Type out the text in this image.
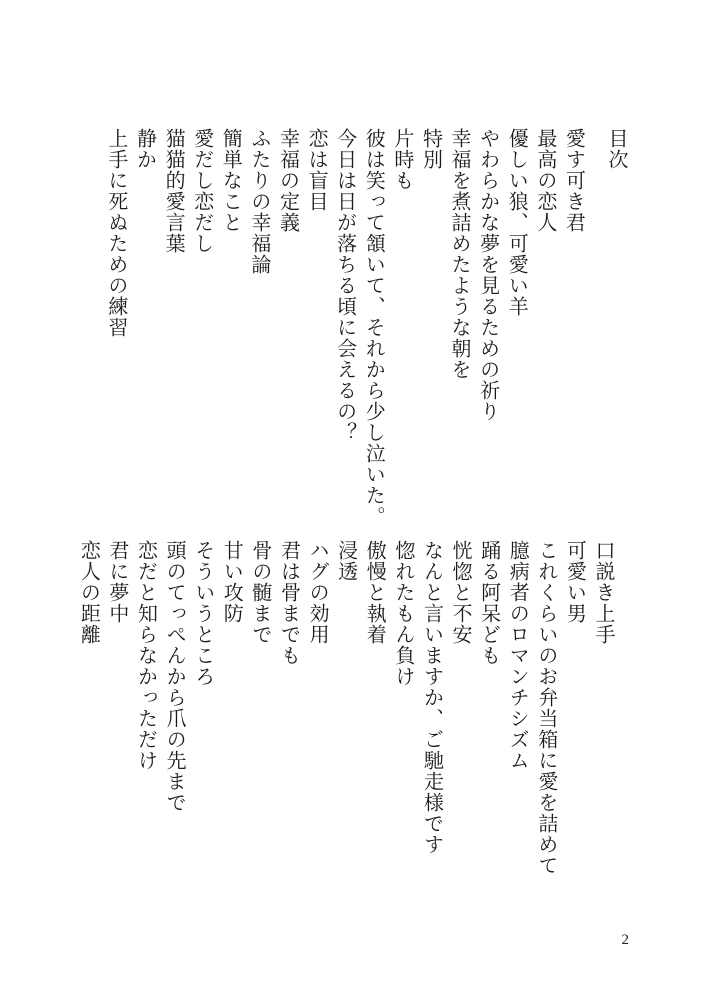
目次
愛す可き君
最高の恋人
優しい狼、可愛い羊
やわらかな夢を見るための祈り
幸福を煮詰めたような朝を
特別
片時も
彼は笑って頷いて、それから少し泣いた。
今日は日が落ちる頃に会えるの？
恋は盲目
幸福の定義
ふたりの幸福論
簡単なこと
愛だし恋だし
猫猫的愛言葉
静か
上手に死ぬための練習
口説き上手
可愛い男
これくらいのお弁当箱に愛を詰めて
臆病者のロマンチシズム
踊る阿呆ども
恍惚と不安
なんと言いますか、ご馳走様です
惚れたもん負け
傲慢と執着
浸透
ハグの効用
君は骨までも
骨の髄まで
甘い攻防
そういうところ
頭のてっぺんから爪の先まで
恋だと知らなかっただけ
君に夢中
恋人の距離
2
